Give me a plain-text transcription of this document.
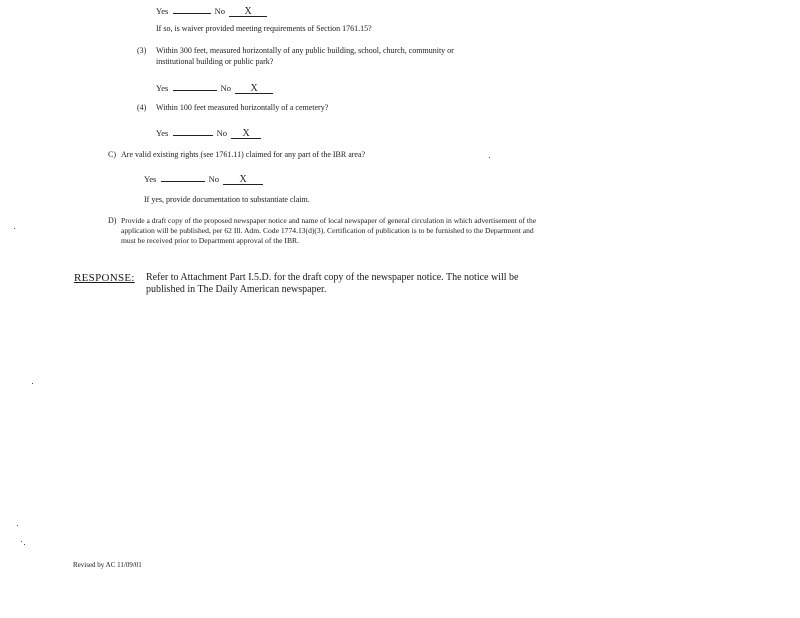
Yes	No X
If so, is waiver provided meeting requirements of Section 1761.15?
(3) Within 300 feet, measured horizontally of any public building, school, church, community or
institutional building or public park?
Yes	No X
(4) Within 100 feet measured horizontally of a cemetery?
Yes	No X
C) Are valid existing rights (see 1761.11) claimed for any part of the IBR area?
Yes	No X
If yes, provide documentation to substantiate claim.
D) Provide a draft copy of the proposed newspaper notice and name of local newspaper of general circulation in which advertisement of the application will be published, per 62 Ill. Adm. Code 1774.13(d)(3). Certification of publication is to be furnished to the Department and must be received prior to Department approval of the IBR.
RESPONSE: Refer to Attachment Part I.5.D. for the draft copy of the newspaper notice. The notice will be published in The Daily American newspaper.
Revised by AC 11/09/01
